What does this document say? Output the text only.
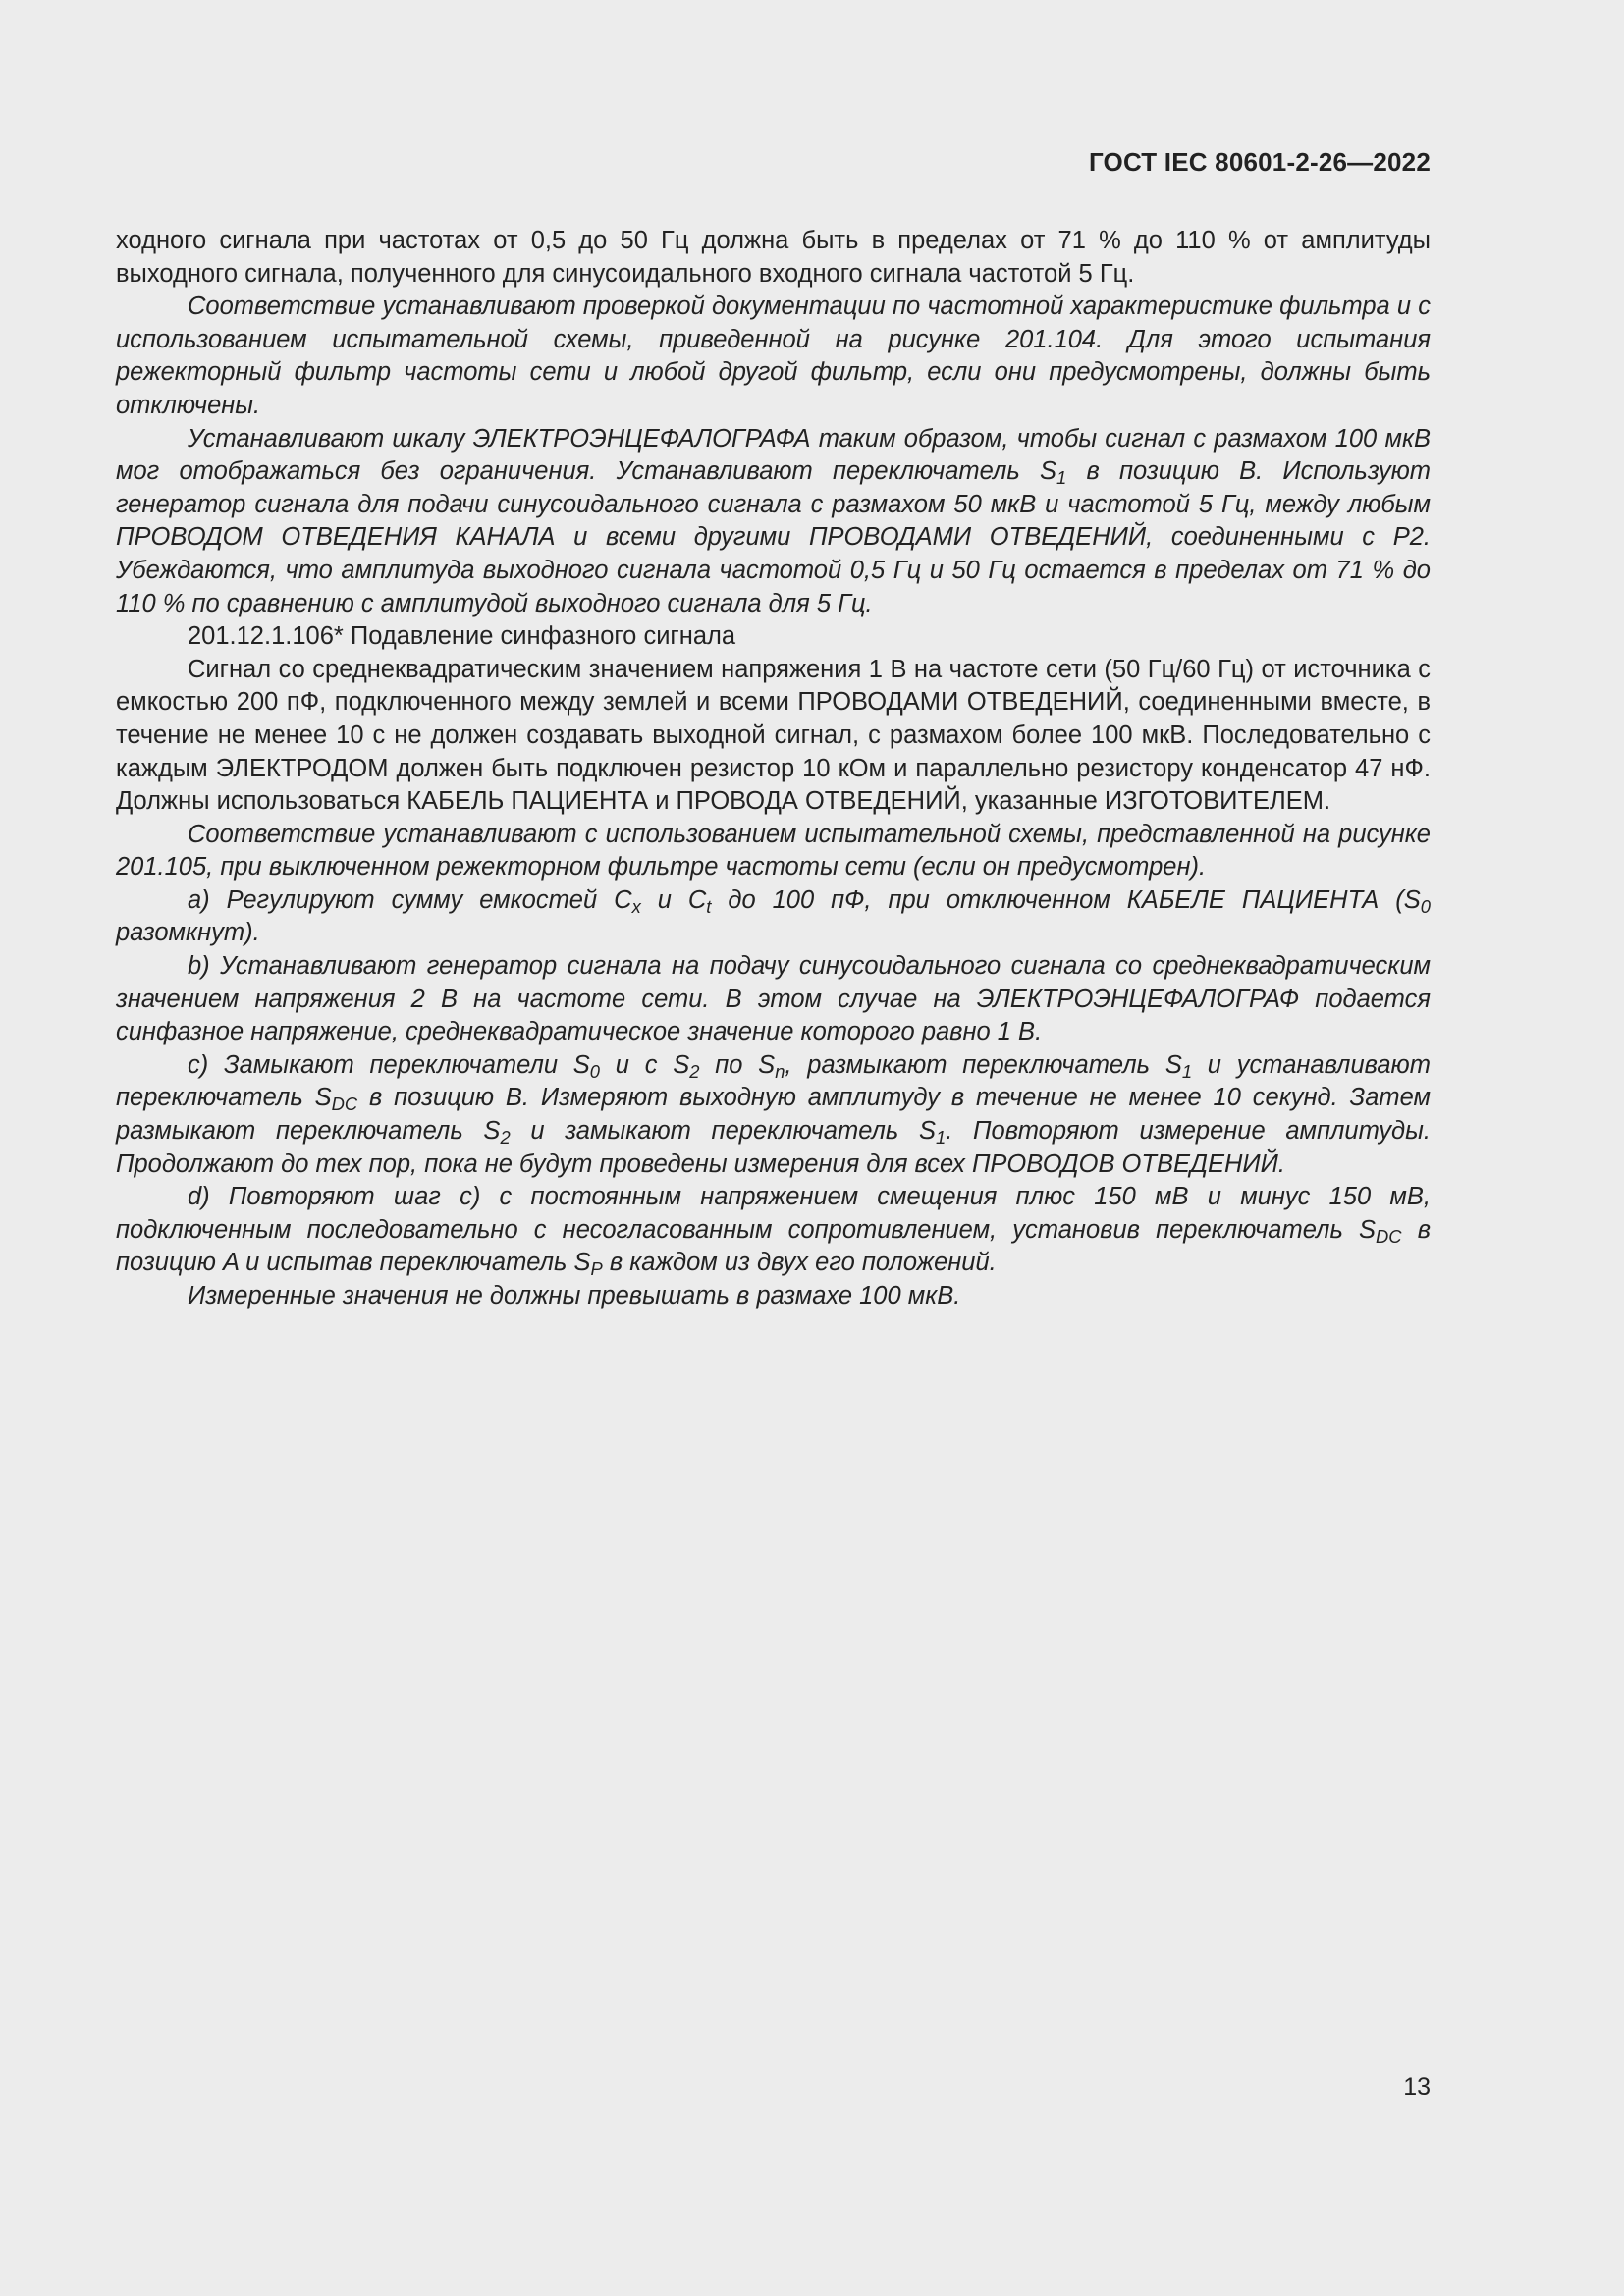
ГОСТ IEC 80601-2-26—2022

ходного сигнала при частотах от 0,5 до 50 Гц должна быть в пределах от 71 % до 110 % от амплитуды выходного сигнала, полученного для синусоидального входного сигнала частотой 5 Гц.

Соответствие устанавливают проверкой документации по частотной характеристике фильтра и с использованием испытательной схемы, приведенной на рисунке 201.104. Для этого испытания режекторный фильтр частоты сети и любой другой фильтр, если они предусмотрены, должны быть отключены.

Устанавливают шкалу ЭЛЕКТРОЭНЦЕФАЛОГРАФА таким образом, чтобы сигнал с размахом 100 мкВ мог отображаться без ограничения. Устанавливают переключатель $S_1$ в позицию B. Используют генератор сигнала для подачи синусоидального сигнала с размахом 50 мкВ и частотой 5 Гц, между любым ПРОВОДОМ ОТВЕДЕНИЯ КАНАЛА и всеми другими ПРОВОДАМИ ОТВЕДЕНИЙ, соединенными с P2. Убеждаются, что амплитуда выходного сигнала частотой 0,5 Гц и 50 Гц остается в пределах от 71 % до 110 % по сравнению с амплитудой выходного сигнала для 5 Гц.

201.12.1.106* Подавление синфазного сигнала

Сигнал со среднеквадратическим значением напряжения 1 В на частоте сети (50 Гц/60 Гц) от источника с емкостью 200 пФ, подключенного между землей и всеми ПРОВОДАМИ ОТВЕДЕНИЙ, соединенными вместе, в течение не менее 10 с не должен создавать выходной сигнал, с размахом более 100 мкВ. Последовательно с каждым ЭЛЕКТРОДОМ должен быть подключен резистор 10 кОм и параллельно резистору конденсатор 47 нФ. Должны использоваться КАБЕЛЬ ПАЦИЕНТА и ПРОВОДА ОТВЕДЕНИЙ, указанные ИЗГОТОВИТЕЛЕМ.

Соответствие устанавливают с использованием испытательной схемы, представленной на рисунке 201.105, при выключенном режекторном фильтре частоты сети (если он предусмотрен).

a) Регулируют сумму емкостей $C_x$ и $C_t$ до 100 пФ, при отключенном КАБЕЛЕ ПАЦИЕНТА ($S_0$ разомкнут).

b) Устанавливают генератор сигнала на подачу синусоидального сигнала со среднеквадратическим значением напряжения 2 В на частоте сети. В этом случае на ЭЛЕКТРОЭНЦЕФАЛОГРАФ подается синфазное напряжение, среднеквадратическое значение которого равно 1 В.

c) Замыкают переключатели $S_0$ и с $S_2$ по $S_n$, размыкают переключатель $S_1$ и устанавливают переключатель $S_{DC}$ в позицию B. Измеряют выходную амплитуду в течение не менее 10 секунд. Затем размыкают переключатель $S_2$ и замыкают переключатель $S_1$. Повторяют измерение амплитуды. Продолжают до тех пор, пока не будут проведены измерения для всех ПРОВОДОВ ОТВЕДЕНИЙ.

d) Повторяют шаг c) с постоянным напряжением смещения плюс 150 мВ и минус 150 мВ, подключенным последовательно с несогласованным сопротивлением, установив переключатель $S_{DC}$ в позицию A и испытав переключатель $S_P$ в каждом из двух его положений.

Измеренные значения не должны превышать в размахе 100 мкВ.

13
